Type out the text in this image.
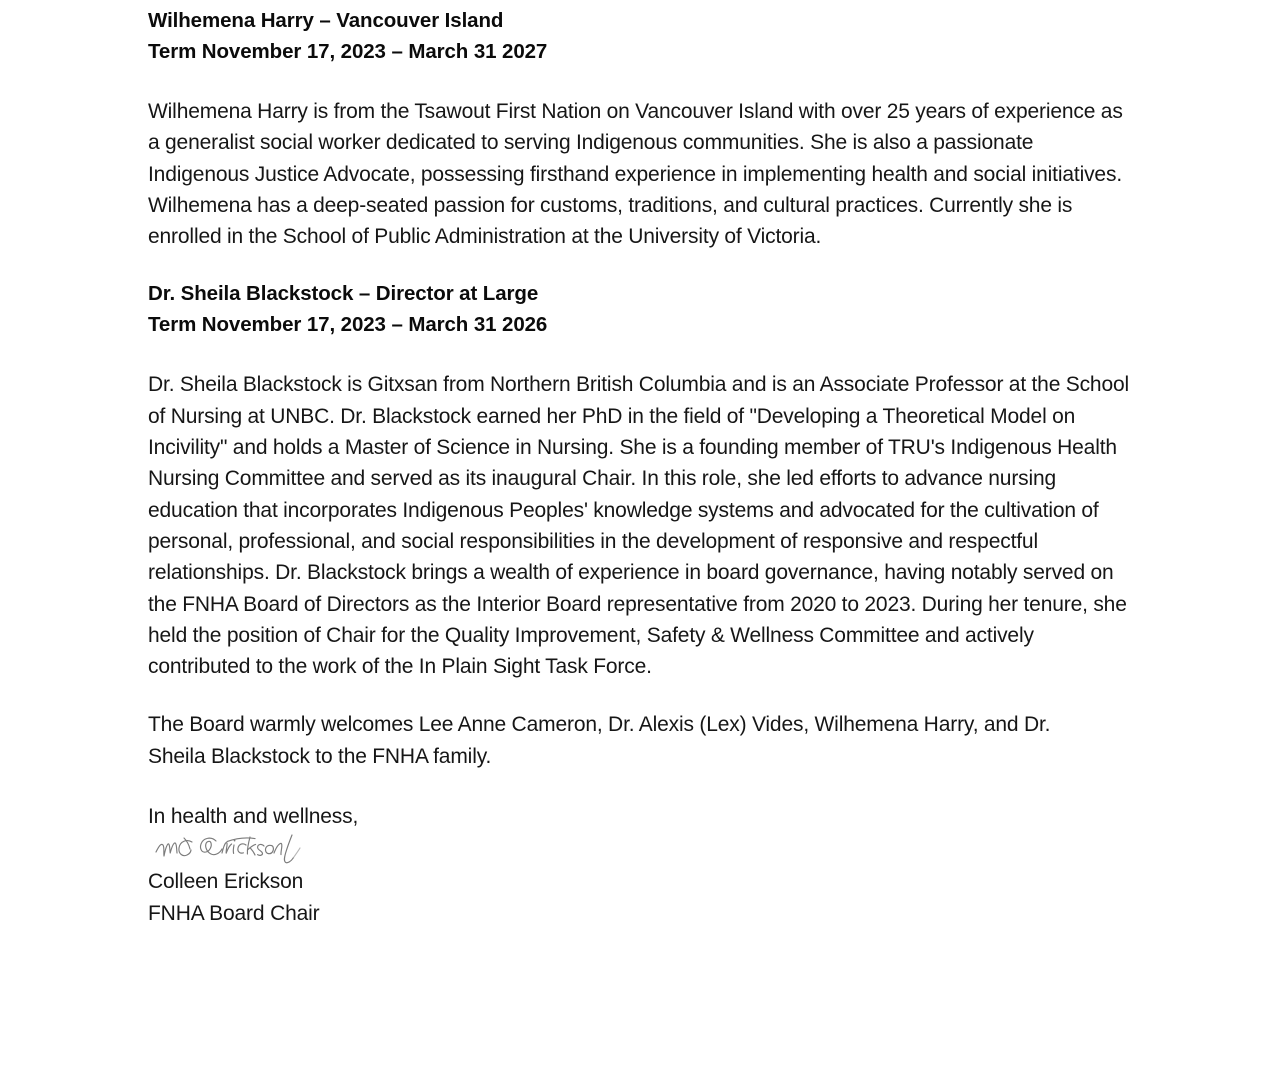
Wilhemena Harry – Vancouver Island
Term November 17, 2023 – March 31 2027

Wilhemena Harry is from the Tsawout First Nation on Vancouver Island with over 25 years of experience as a generalist social worker dedicated to serving Indigenous communities. She is also a passionate Indigenous Justice Advocate, possessing firsthand experience in implementing health and social initiatives. Wilhemena has a deep-seated passion for customs, traditions, and cultural practices. Currently she is enrolled in the School of Public Administration at the University of Victoria.

Dr. Sheila Blackstock – Director at Large
Term November 17, 2023 – March 31 2026

Dr. Sheila Blackstock is Gitxsan from Northern British Columbia and is an Associate Professor at the School of Nursing at UNBC. Dr. Blackstock earned her PhD in the field of "Developing a Theoretical Model on Incivility" and holds a Master of Science in Nursing. She is a founding member of TRU's Indigenous Health Nursing Committee and served as its inaugural Chair. In this role, she led efforts to advance nursing education that incorporates Indigenous Peoples' knowledge systems and advocated for the cultivation of personal, professional, and social responsibilities in the development of responsive and respectful relationships. Dr. Blackstock brings a wealth of experience in board governance, having notably served on the FNHA Board of Directors as the Interior Board representative from 2020 to 2023. During her tenure, she held the position of Chair for the Quality Improvement, Safety & Wellness Committee and actively contributed to the work of the In Plain Sight Task Force.

The Board warmly welcomes Lee Anne Cameron, Dr. Alexis (Lex) Vides, Wilhemena Harry, and Dr. Sheila Blackstock to the FNHA family.

In health and wellness,
Colleen Erickson
FNHA Board Chair
